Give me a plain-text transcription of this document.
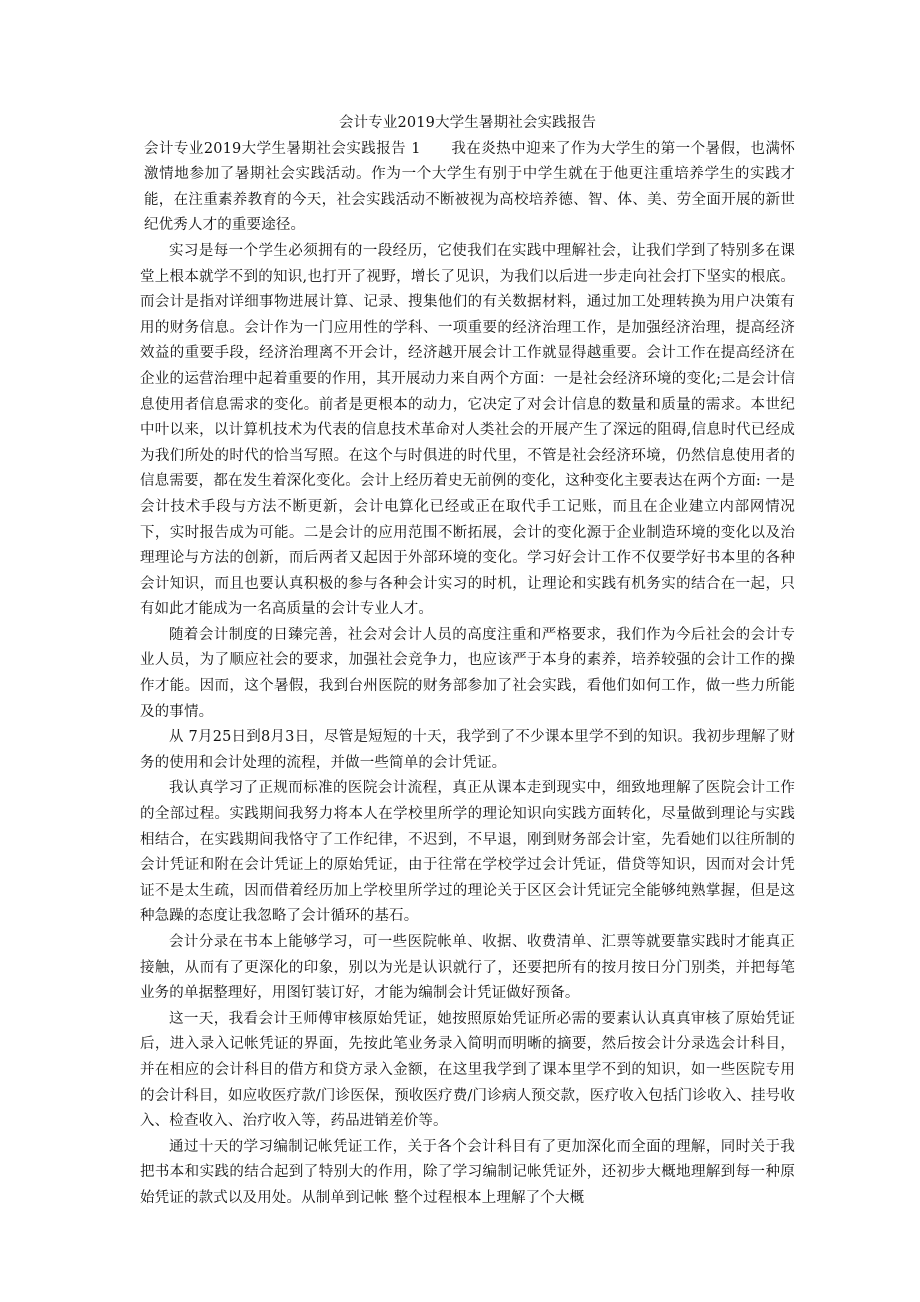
会计专业2019大学生暑期社会实践报告

会计专业2019大学生暑期社会实践报告 1 我在炎热中迎来了作为大学生的第一个暑假，也满怀激情地参加了暑期社会实践活动。作为一个大学生有别于中学生就在于他更注重培养学生的实践才能，在注重素养教育的今天，社会实践活动不断被视为高校培养德、智、体、美、劳全面开展的新世纪优秀人才的重要途径。

实习是每一个学生必须拥有的一段经历，它使我们在实践中理解社会，让我们学到了特别多在课堂上根本就学不到的知识,也打开了视野，增长了见识，为我们以后进一步走向社会打下坚实的根底。而会计是指对详细事物进展计算、记录、搜集他们的有关数据材料，通过加工处理转换为用户决策有用的财务信息。会计作为一门应用性的学科、一项重要的经济治理工作，是加强经济治理，提高经济效益的重要手段，经济治理离不开会计，经济越开展会计工作就显得越重要。会计工作在提高经济在企业的运营治理中起着重要的作用，其开展动力来自两个方面：一是社会经济环境的变化;二是会计信息使用者信息需求的变化。前者是更根本的动力，它决定了对会计信息的数量和质量的需求。本世纪中叶以来，以计算机技术为代表的信息技术革命对人类社会的开展产生了深远的阻碍,信息时代已经成为我们所处的时代的恰当写照。在这个与时俱进的时代里，不管是社会经济环境，仍然信息使用者的信息需要，都在发生着深化变化。会计上经历着史无前例的变化，这种变化主要表达在两个方面: 一是会计技术手段与方法不断更新，会计电算化已经或正在取代手工记账，而且在企业建立内部网情况下，实时报告成为可能。二是会计的应用范围不断拓展，会计的变化源于企业制造环境的变化以及治理理论与方法的创新，而后两者又起因于外部环境的变化。学习好会计工作不仅要学好书本里的各种会计知识，而且也要认真积极的参与各种会计实习的时机，让理论和实践有机务实的结合在一起，只有如此才能成为一名高质量的会计专业人才。

随着会计制度的日臻完善，社会对会计人员的高度注重和严格要求，我们作为今后社会的会计专业人员，为了顺应社会的要求，加强社会竞争力，也应该严于本身的素养，培养较强的会计工作的操作才能。因而，这个暑假，我到台州医院的财务部参加了社会实践，看他们如何工作，做一些力所能及的事情。

从 7月25日到8月3日，尽管是短短的十天，我学到了不少课本里学不到的知识。我初步理解了财务的使用和会计处理的流程，并做一些简单的会计凭证。

我认真学习了正规而标准的医院会计流程，真正从课本走到现实中，细致地理解了医院会计工作的全部过程。实践期间我努力将本人在学校里所学的理论知识向实践方面转化，尽量做到理论与实践相结合，在实践期间我恪守了工作纪律，不迟到，不早退，刚到财务部会计室，先看她们以往所制的会计凭证和附在会计凭证上的原始凭证，由于往常在学校学过会计凭证，借贷等知识，因而对会计凭证不是太生疏，因而借着经历加上学校里所学过的理论关于区区会计凭证完全能够纯熟掌握，但是这种急躁的态度让我忽略了会计循环的基石。

会计分录在书本上能够学习，可一些医院帐单、收据、收费清单、汇票等就要靠实践时才能真正接触，从而有了更深化的印象，别以为光是认识就行了，还要把所有的按月按日分门别类，并把每笔业务的单据整理好，用图钉装订好，才能为编制会计凭证做好预备。

这一天，我看会计王师傅审核原始凭证，她按照原始凭证所必需的要素认认真真审核了原始凭证后，进入录入记帐凭证的界面，先按此笔业务录入简明而明晰的摘要，然后按会计分录选会计科目，并在相应的会计科目的借方和贷方录入金额，在这里我学到了课本里学不到的知识，如一些医院专用的会计科目，如应收医疗款/门诊医保，预收医疗费/门诊病人预交款，医疗收入包括门诊收入、挂号收入、检查收入、治疗收入等，药品进销差价等。

通过十天的学习编制记帐凭证工作，关于各个会计科目有了更加深化而全面的理解，同时关于我把书本和实践的结合起到了特别大的作用，除了学习编制记帐凭证外，还初步大概地理解到每一种原始凭证的款式以及用处。从制单到记帐 整个过程根本上理解了个大概
